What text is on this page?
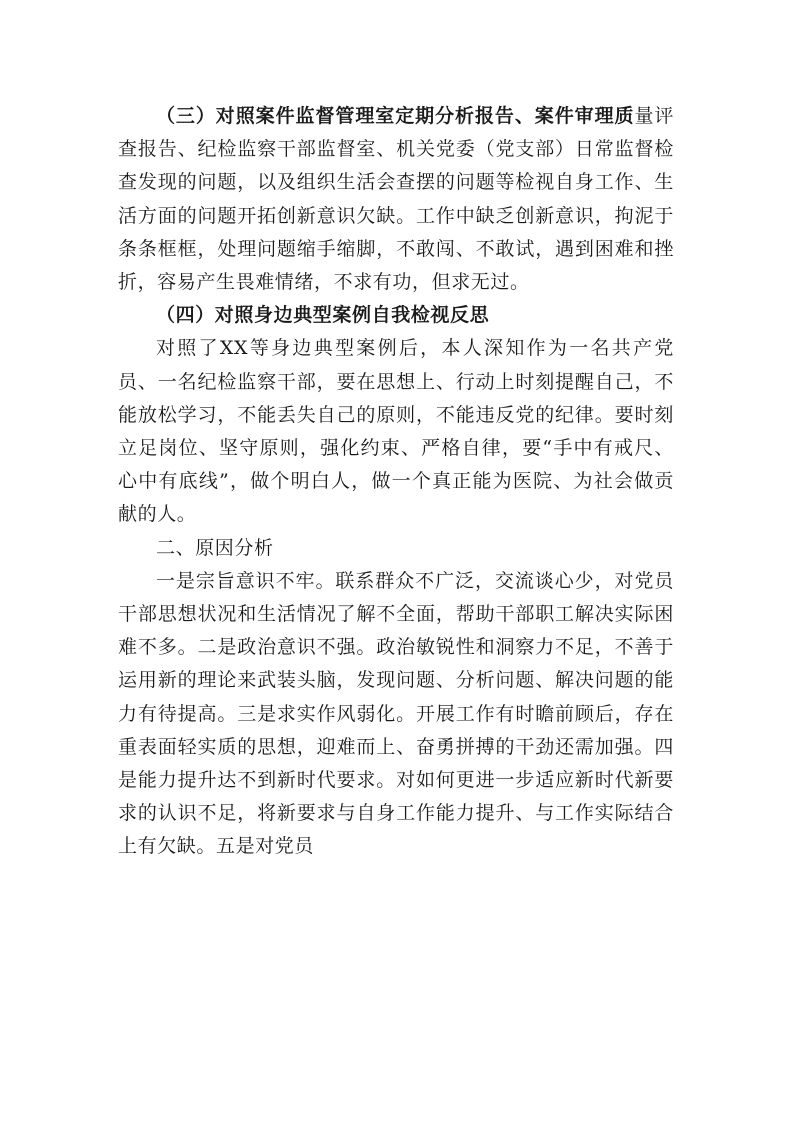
（三）对照案件监督管理室定期分析报告、案件审理质量评查报告、纪检监察干部监督室、机关党委（党支部）日常监督检查发现的问题，以及组织生活会查摆的问题等检视自身工作、生活方面的问题开拓创新意识欠缺。工作中缺乏创新意识，拘泥于条条框框，处理问题缩手缩脚，不敢闯、不敢试，遇到困难和挫折，容易产生畏难情绪，不求有功，但求无过。

（四）对照身边典型案例自我检视反思

对照了XX等身边典型案例后，本人深知作为一名共产党员、一名纪检监察干部，要在思想上、行动上时刻提醒自己，不能放松学习，不能丢失自己的原则，不能违反党的纪律。要时刻立足岗位、坚守原则，强化约束、严格自律，要“手中有戒尺、心中有底线”，做个明白人，做一个真正能为医院、为社会做贡献的人。

二、原因分析

一是宗旨意识不牢。联系群众不广泛，交流谈心少，对党员干部思想状况和生活情况了解不全面，帮助干部职工解决实际困难不多。二是政治意识不强。政治敏锐性和洞察力不足，不善于运用新的理论来武装头脑，发现问题、分析问题、解决问题的能力有待提高。三是求实作风弱化。开展工作有时瞻前顾后，存在重表面轻实质的思想，迎难而上、奋勇拼搏的干劲还需加强。四是能力提升达不到新时代要求。对如何更进一步适应新时代新要求的认识不足，将新要求与自身工作能力提升、与工作实际结合上有欠缺。五是对党员
